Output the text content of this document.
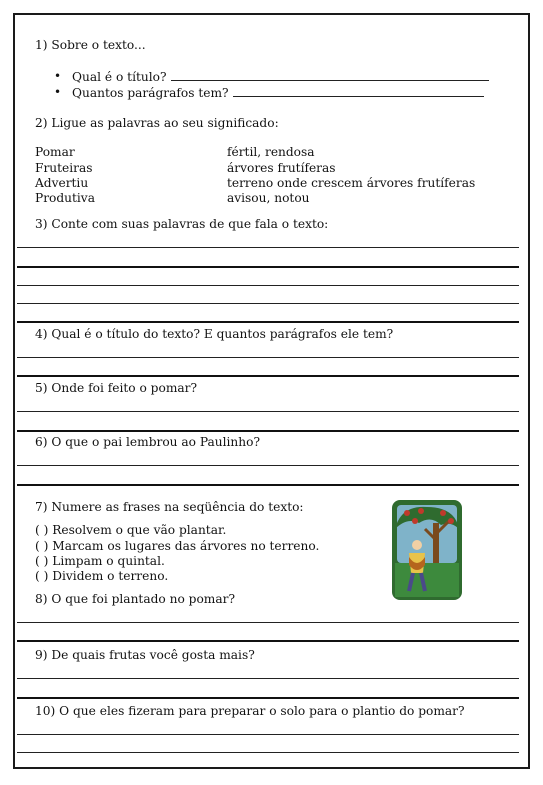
1) Sobre o texto...
• Qual é o título?
• Quantos parágrafos tem?
2) Ligue as palavras ao seu significado:
Pomar
Fruteiras
Advertiu
Produtiva
fértil, rendosa
árvores frutíferas
terreno onde crescem árvores frutíferas
avisou, notou
3) Conte com suas palavras de que fala o texto:
4) Qual é o título do texto? E quantos parágrafos ele tem?
5) Onde foi feito o pomar?
6) O que o pai lembrou ao Paulinho?
7) Numere as frases na seqüência do texto:
( ) Resolvem o que vão plantar.
( ) Marcam os lugares das árvores no terreno.
( ) Limpam o quintal.
( ) Dividem o terreno.
8) O que foi plantado no pomar?
9) De quais frutas você gosta mais?
10) O que eles fizeram para preparar o solo para o plantio do pomar?
